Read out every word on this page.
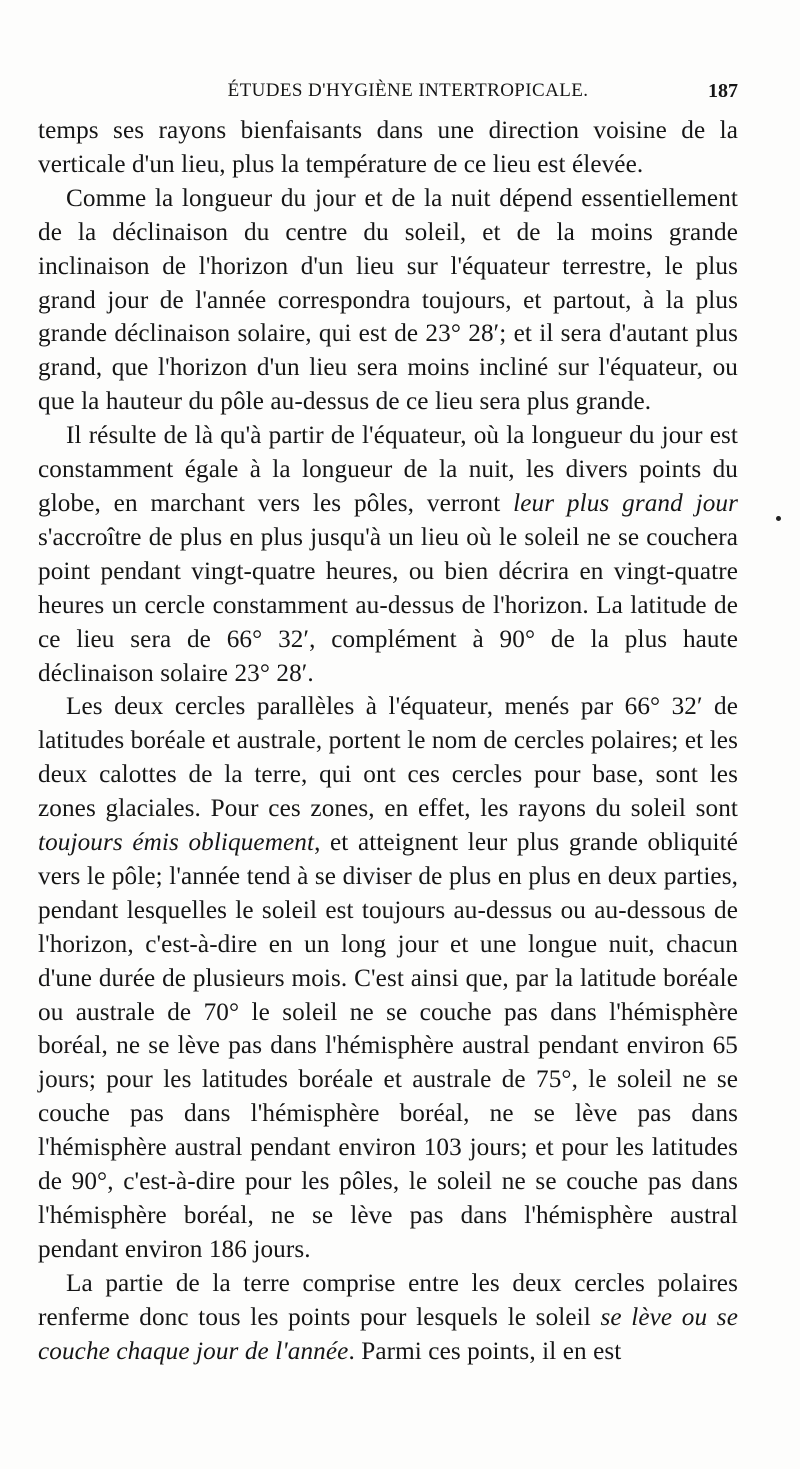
ÉTUDES D'HYGIÈNE INTERTROPICALE.	187

temps ses rayons bienfaisants dans une direction voisine de la verticale d'un lieu, plus la température de ce lieu est élevée.

Comme la longueur du jour et de la nuit dépend essentiellement de la déclinaison du centre du soleil, et de la moins grande inclinaison de l'horizon d'un lieu sur l'équateur terrestre, le plus grand jour de l'année correspondra toujours, et partout, à la plus grande déclinaison solaire, qui est de 23° 28′; et il sera d'autant plus grand, que l'horizon d'un lieu sera moins incliné sur l'équateur, ou que la hauteur du pôle au-dessus de ce lieu sera plus grande.

Il résulte de là qu'à partir de l'équateur, où la longueur du jour est constamment égale à la longueur de la nuit, les divers points du globe, en marchant vers les pôles, verront leur plus grand jour s'accroître de plus en plus jusqu'à un lieu où le soleil ne se couchera point pendant vingt-quatre heures, ou bien décrira en vingt-quatre heures un cercle constamment au-dessus de l'horizon. La latitude de ce lieu sera de 66° 32′, complément à 90° de la plus haute déclinaison solaire 23° 28′.

Les deux cercles parallèles à l'équateur, menés par 66° 32′ de latitudes boréale et australe, portent le nom de cercles polaires; et les deux calottes de la terre, qui ont ces cercles pour base, sont les zones glaciales. Pour ces zones, en effet, les rayons du soleil sont toujours émis obliquement, et atteignent leur plus grande obliquité vers le pôle; l'année tend à se diviser de plus en plus en deux parties, pendant lesquelles le soleil est toujours au-dessus ou au-dessous de l'horizon, c'est-à-dire en un long jour et une longue nuit, chacun d'une durée de plusieurs mois. C'est ainsi que, par la latitude boréale ou australe de 70° le soleil ne se couche pas dans l'hémisphère boréal, ne se lève pas dans l'hémisphère austral pendant environ 65 jours; pour les latitudes boréale et australe de 75°, le soleil ne se couche pas dans l'hémisphère boréal, ne se lève pas dans l'hémisphère austral pendant environ 103 jours; et pour les latitudes de 90°, c'est-à-dire pour les pôles, le soleil ne se couche pas dans l'hémisphère boréal, ne se lève pas dans l'hémisphère austral pendant environ 186 jours.

La partie de la terre comprise entre les deux cercles polaires renferme donc tous les points pour lesquels le soleil se lève ou se couche chaque jour de l'année. Parmi ces points, il en est
